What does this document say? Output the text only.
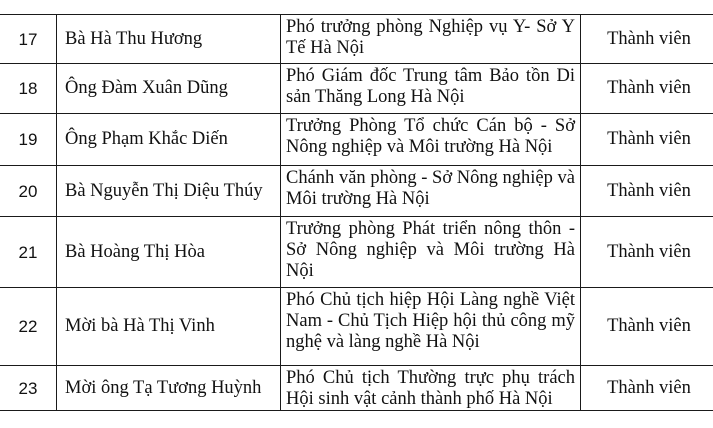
17	Bà Hà Thu Hương	Phó trưởng phòng Nghiệp vụ Y- Sở Y Tế Hà Nội	Thành viên
18	Ông Đàm Xuân Dũng	Phó Giám đốc Trung tâm Bảo tồn Di sản Thăng Long Hà Nội	Thành viên
19	Ông Phạm Khắc Diến	Trưởng Phòng Tổ chức Cán bộ - Sở Nông nghiệp và Môi trường Hà Nội	Thành viên
20	Bà Nguyễn Thị Diệu Thúy	Chánh văn phòng - Sở Nông nghiệp và Môi trường Hà Nội	Thành viên
21	Bà Hoàng Thị Hòa	Trưởng phòng Phát triển nông thôn - Sở Nông nghiệp và Môi trường Hà Nội	Thành viên
22	Mời bà Hà Thị Vinh	Phó Chủ tịch hiệp Hội Làng nghề Việt Nam - Chủ Tịch Hiệp hội thủ công mỹ nghệ và làng nghề Hà Nội	Thành viên
23	Mời ông Tạ Tương Huỳnh	Phó Chủ tịch Thường trực phụ trách Hội sinh vật cảnh thành phố Hà Nội	Thành viên
